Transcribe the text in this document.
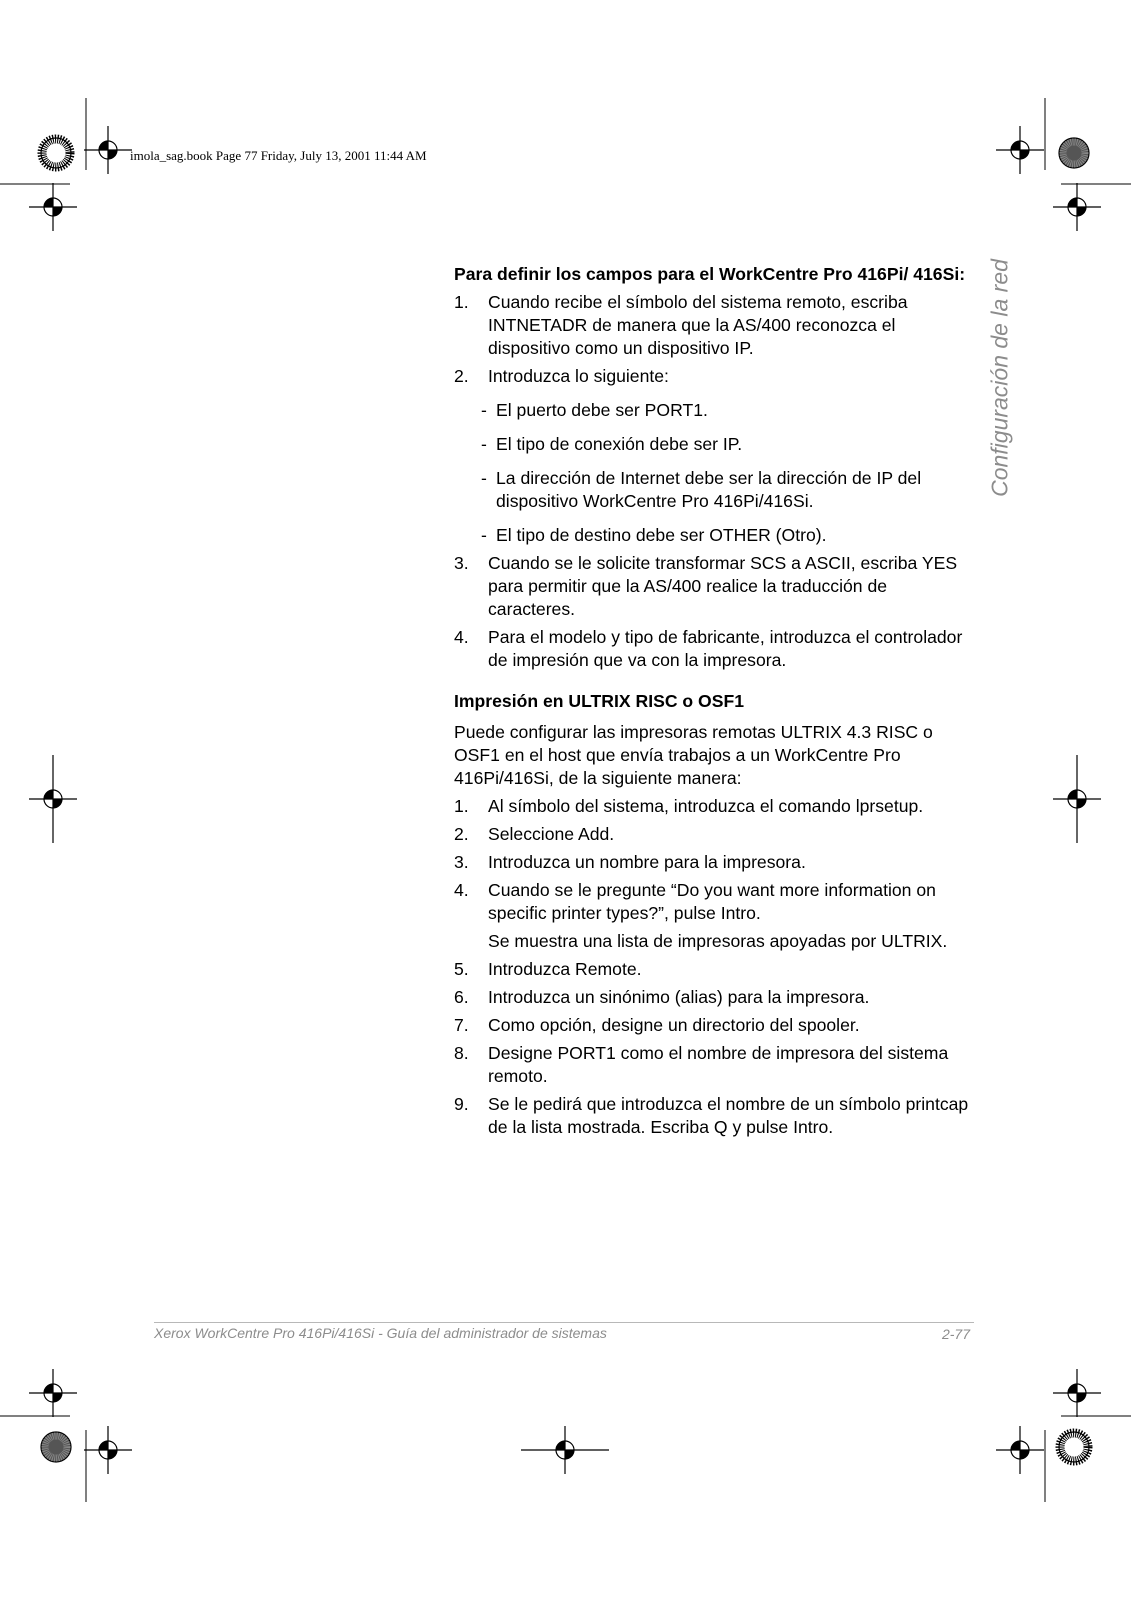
imola_sag.book Page 77 Friday, July 13, 2001 11:44 AM
Configuración de la red
Para definir los campos para el WorkCentre Pro 416Pi/ 416Si:
1. Cuando recibe el símbolo del sistema remoto, escriba INTNETADR de manera que la AS/400 reconozca el dispositivo como un dispositivo IP.
2. Introduzca lo siguiente:
- El puerto debe ser PORT1.
- El tipo de conexión debe ser IP.
- La dirección de Internet debe ser la dirección de IP del dispositivo WorkCentre Pro 416Pi/416Si.
- El tipo de destino debe ser OTHER (Otro).
3. Cuando se le solicite transformar SCS a ASCII, escriba YES para permitir que la AS/400 realice la traducción de caracteres.
4. Para el modelo y tipo de fabricante, introduzca el controlador de impresión que va con la impresora.
Impresión en ULTRIX RISC o OSF1

Puede configurar las impresoras remotas ULTRIX 4.3 RISC o OSF1 en el host que envía trabajos a un WorkCentre Pro 416Pi/416Si, de la siguiente manera:

1. Al símbolo del sistema, introduzca el comando lprsetup.
2. Seleccione Add.
3. Introduzca un nombre para la impresora.
4. Cuando se le pregunte “Do you want more information on specific printer types?”, pulse Intro.
Se muestra una lista de impresoras apoyadas por ULTRIX.
5. Introduzca Remote.
6. Introduzca un sinónimo (alias) para la impresora.
7. Como opción, designe un directorio del spooler.
8. Designe PORT1 como el nombre de impresora del sistema remoto.
9. Se le pedirá que introduzca el nombre de un símbolo printcap de la lista mostrada. Escriba Q y pulse Intro.
Xerox WorkCentre Pro 416Pi/416Si - Guía del administrador de sistemas	2-77
